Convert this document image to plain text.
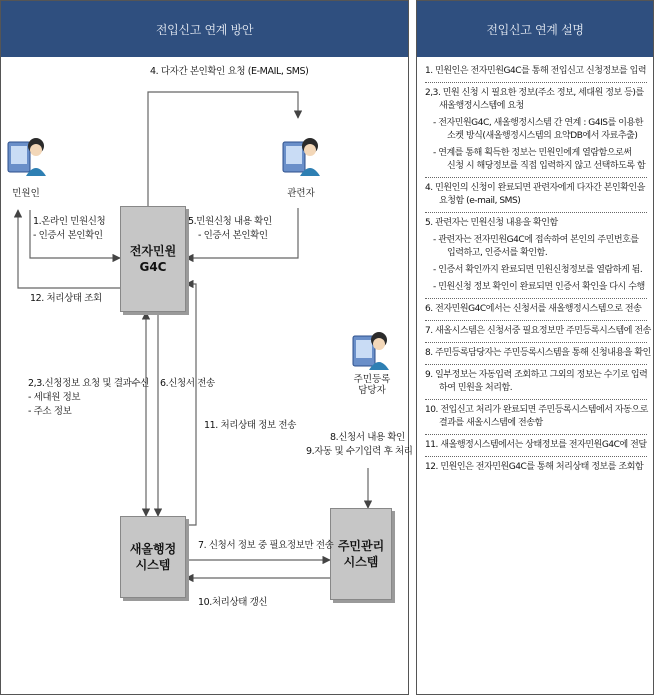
전입신고 연계 방안
전자민원
G4C
새올행정
시스템
주민관리
시스템
민원인	관련자
주민등록
담당자
4. 다자간 본인확인 요청 (E-MAIL, SMS)
1.온라인 민원신청
- 인증서 본인확인
5.민원신청 내용 확인
- 인증서 본인확인
12. 처리상태 조회
2,3.신청정보 요청 및 결과수신
- 세대원 정보
- 주소 정보
6.신청서 전송
11. 처리상태 정보 전송
8.신청서 내용 확인
9.자동 및 수기입력 후 처리
7. 신청서 정보 중 필요정보만 전송
10.처리상태 갱신
전입신고 연계 설명
1. 민원인은 전자민원G4C를 통해 전입신고 신청정보를 입력
2,3. 민원 신청 시 필요한 정보(주소 정보, 세대원 정보 등)를
새올행정시스템에 요청
- 전자민원G4C, 새올행정시스템 간 연계 : G4IS를 이용한
소켓 방식(새올행정시스템의 요약DB에서 자료추출)
- 연계를 통해 획득한 정보는 민원인에게 열람함으로써
신청 시 해당정보를 직접 입력하지 않고 선택하도록 함
4. 민원인의 신청이 완료되면 관련자에게 다자간 본인확인을
요청함 (e-mail, SMS)
5. 관련자는 민원신청 내용을 확인함
- 관련자는 전자민원G4C에 접속하여 본인의 주민번호를
입력하고, 인증서를 확인함.
- 인증서 확인까지 완료되면 민원신청정보를 열람하게 됨.
- 민원신청 정보 확인이 완료되면 인증서 확인을 다시 수행
6. 전자민원G4C에서는 신청서를 새올행정시스템으로 전송
7. 새올시스템은 신청서중 필요정보만 주민등록시스템에 전송
8. 주민등록담당자는 주민등록시스템을 통해 신청내용을 확인
9. 일부정보는 자동입력 조회하고 그외의 정보는 수기로 입력
하여 민원을 처리함.
10. 전입신고 처리가 완료되면 주민등록시스템에서 자동으로
결과를 새올시스템에 전송함
11. 새올행정시스템에서는 상태정보를 전자민원G4C에 전달
12. 민원인은 전자민원G4C를 통해 처리상태 정보를 조회함
